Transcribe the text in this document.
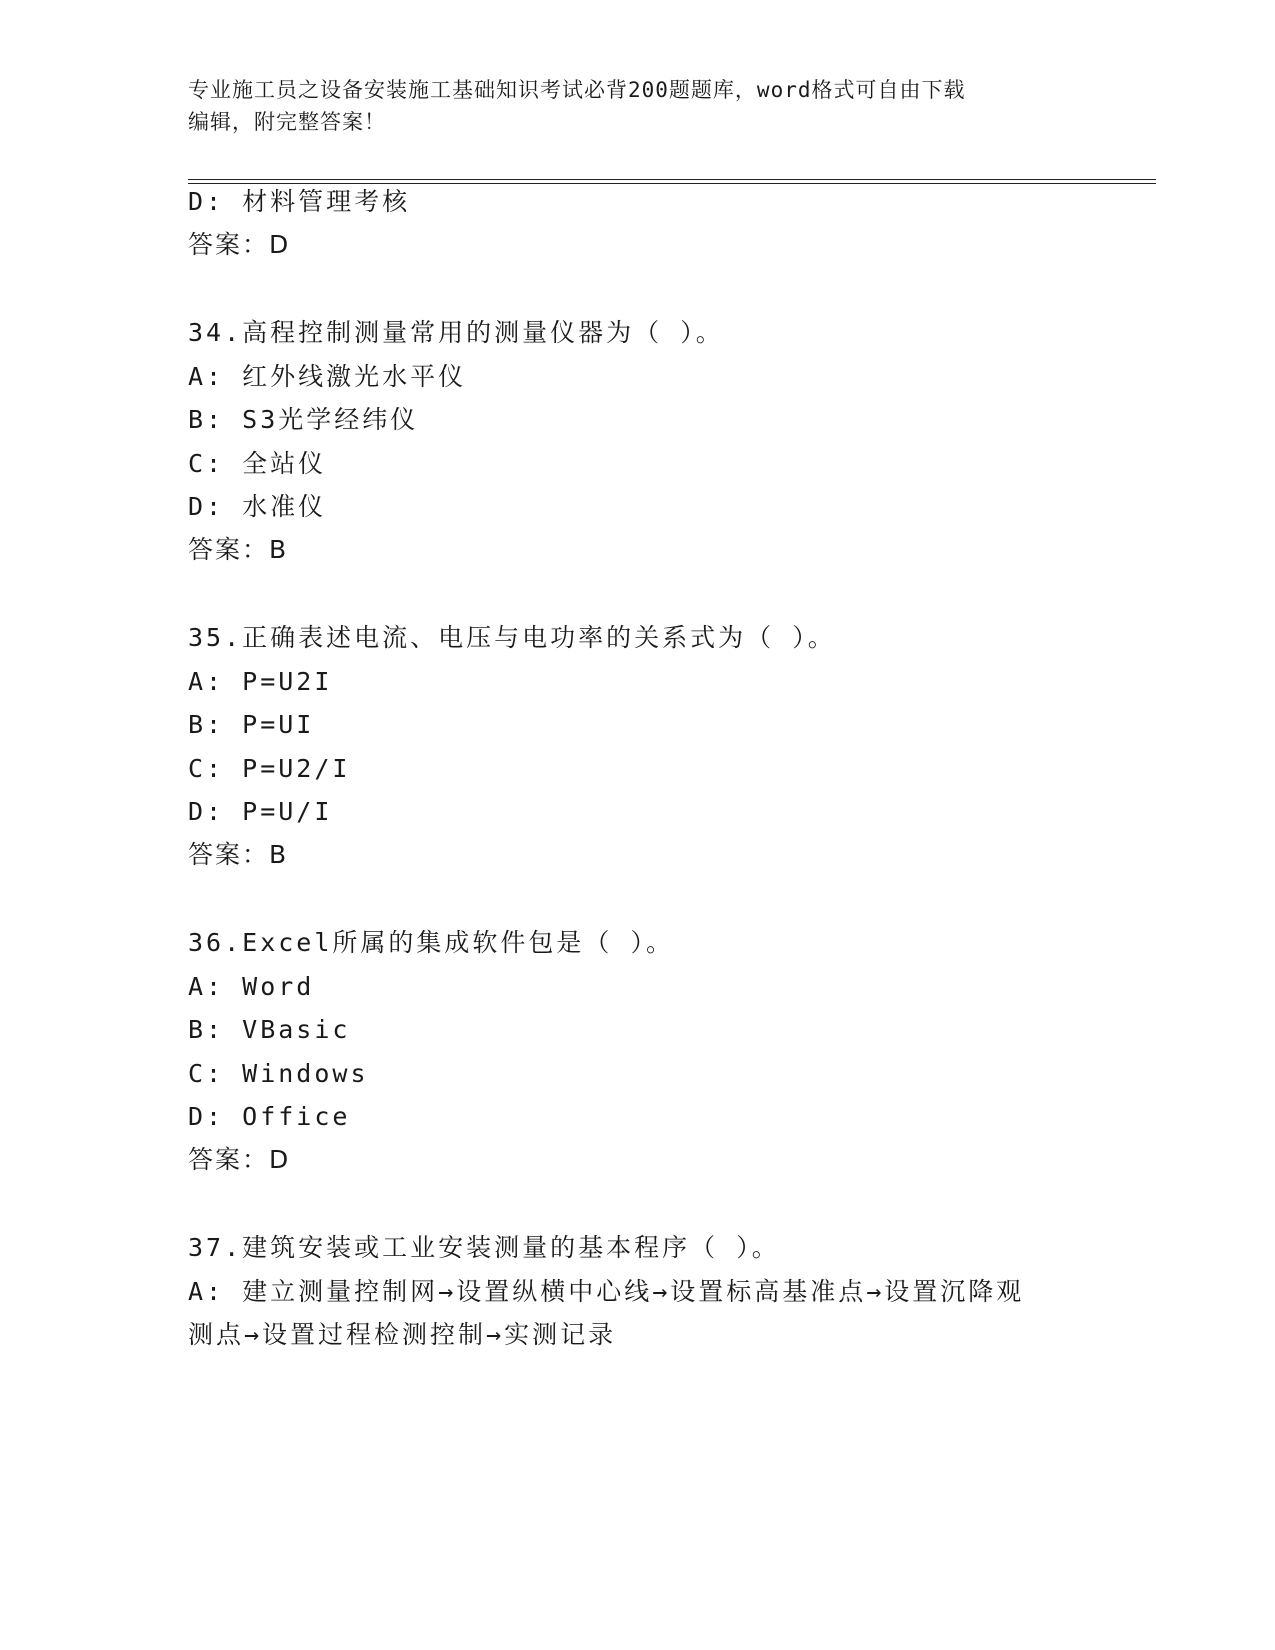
专业施工员之设备安装施工基础知识考试必背200题题库，word格式可自由下载
编辑，附完整答案！
D: 材料管理考核
答案：D
34.高程控制测量常用的测量仪器为（ ）。
A: 红外线激光水平仪
B: S3光学经纬仪
C: 全站仪
D: 水准仪
答案：B
35.正确表述电流、电压与电功率的关系式为（ ）。
A: P=U2I
B: P=UI
C: P=U2/I
D: P=U/I
答案：B
36.Excel所属的集成软件包是（ ）。
A: Word
B: VBasic
C: Windows
D: Office
答案：D
37.建筑安装或工业安装测量的基本程序（ ）。
A: 建立测量控制网→设置纵横中心线→设置标高基准点→设置沉降观
测点→设置过程检测控制→实测记录
